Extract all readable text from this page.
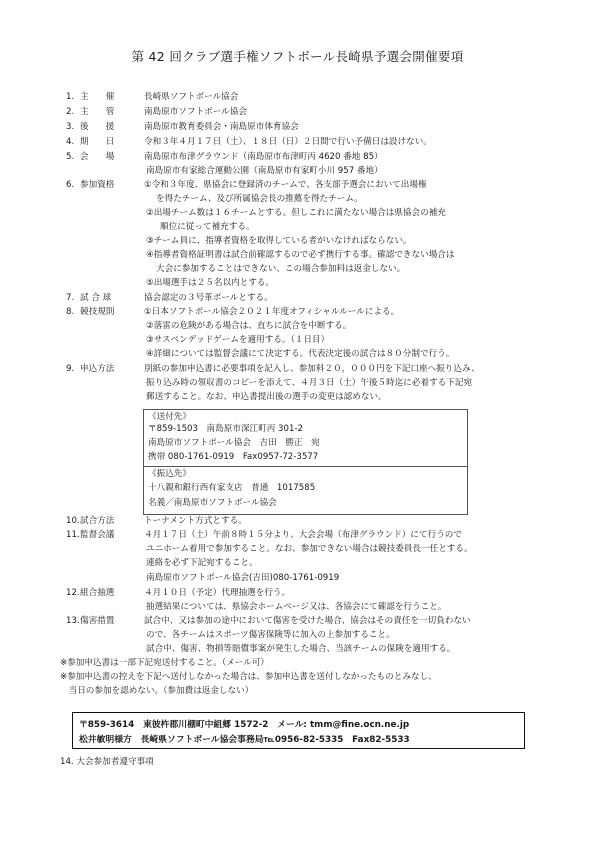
第 42 回クラブ選手権ソフトボール長崎県予選会開催要項
1. 主　　催	長崎県ソフトボール協会
2. 主　　管	南島原市ソフトボール協会
3. 後　　援	南島原市教育委員会・南島原市体育協会
4. 期　　日	令和３年４月１７日（土）、１８日（日）２日間で行い予備日は設けない。
5. 会　　場	南島原市布津グラウンド（南島原市布津町丙 4620 番地 85）
南島原市有家総合運動公園（南島原市有家町小川 957 番地）
6. 参加資格	①令和３年度、県協会に登録済のチームで、各支部予選会において出場権
を得たチーム、及び所属協会長の推薦を得たチーム。
②出場チーム数は１６チームとする。但しこれに満たない場合は県協会の補充
順位に従って補充する。
③チーム員に、指導者資格を取得している者がいなければならない。
④指導者資格証明書は試合前確認するので必ず携行する事。確認できない場合は
大会に参加することはできない、この場合参加料は返金しない。
⑤出場選手は２５名以内とする。
7. 試 合 球	協会認定の３号革ボールとする。
8. 競技規則	①日本ソフトボール協会２０２１年度オフィシャルルールによる。
②落雷の危険がある場合は、直ちに試合を中断する。
③サスペンデッドゲームを適用する。（１日目）
④詳細については監督会議にて決定する。代表決定後の試合は８０分制で行う。
9. 申込方法	別紙の参加申込書に必要事項を記入し、参加料２０，０００円を下記口座へ振り込み、
振り込み時の領収書のコピーを添えて、４月３日（土）午後５時迄に必着する下記宛
郵送すること。なお、申込書提出後の選手の変更は認めない。
《送付先》
〒859-1503　南島原市深江町丙 301-2
南島原市ソフトボール協会　吉田　勝正　宛
携帯 080-1761-0919　Fax0957-72-3577
《振込先》
十八親和銀行西有家支店　普通　1017585
名義／南島原市ソフトボール協会
10.試合方法	トーナメント方式とする。
11.監督会議	４月１７日（土）午前８時１５分より、大会会場（布津グラウンド）にて行うので
ユニホーム着用で参加すること。なお、参加できない場合は競技委員長一任とする。
連絡を必ず下記宛すること。
南島原市ソフトボール協会(吉田)080-1761-0919
12.組合抽選	４月１０日（予定）代理抽選を行う。
抽選結果については、県協会ホームページ又は、各協会にて確認を行うこと。
13.傷害措置	試合中、又は参加の途中において傷害を受けた場合、協会はその責任を一切負わない
ので、各チームはスポーツ傷害保険等に加入の上参加すること。
試合中、傷害、物損等賠償事案が発生した場合、当該チームの保険を適用する。
※参加申込書は一部下記宛送付すること。（メール可）
※参加申込書の控えを下記へ送付しなかった場合は、参加申込書を送付しなかったものとみなし、
　当日の参加を認めない。（参加費は返金しない）
〒859-3614　東彼杵郡川棚町中組郷 1572-2　メール: tmm@fine.ocn.ne.jp
松井敏明様方　長崎県ソフトボール協会事務局℡0956-82-5335　Fax82-5533
14. 大会参加者遵守事項
